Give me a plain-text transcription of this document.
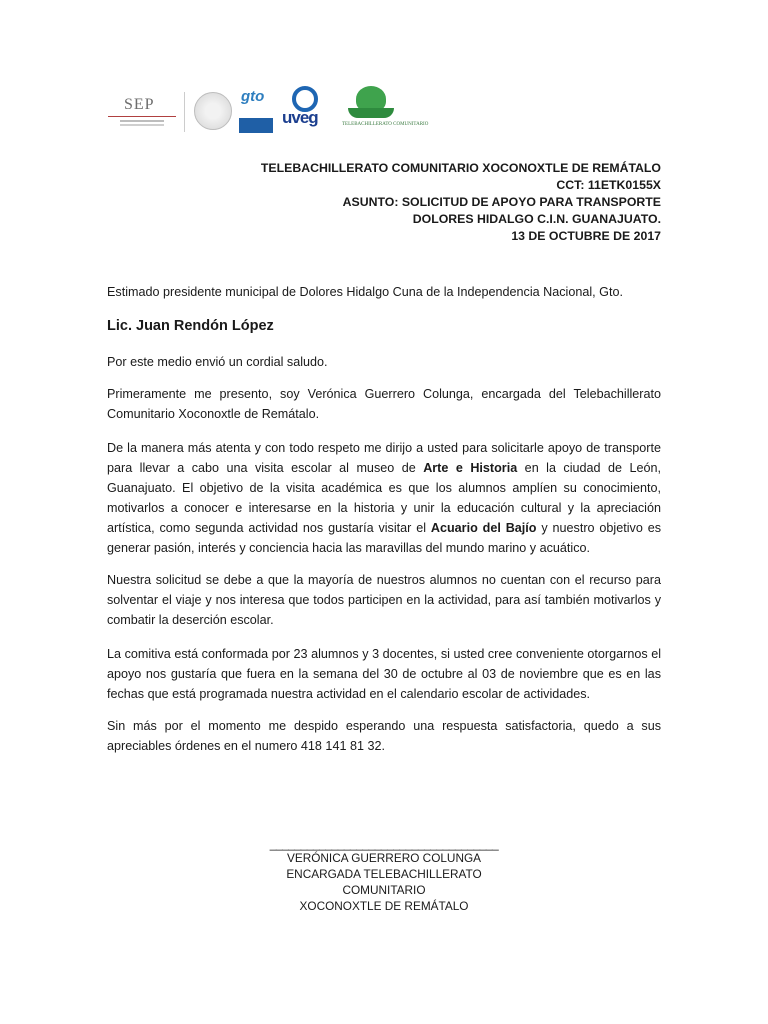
SEP	gto
uveg	TELEBACHILLERATO COMUNITARIO
TELEBACHILLERATO COMUNITARIO XOCONOXTLE DE REMÁTALO
CCT: 11ETK0155X
ASUNTO: SOLICITUD DE APOYO PARA TRANSPORTE
DOLORES HIDALGO C.I.N. GUANAJUATO.
13 DE OCTUBRE DE 2017
Estimado presidente municipal de Dolores Hidalgo Cuna de la Independencia Nacional, Gto.
Lic. Juan Rendón López
Por este medio envió un cordial saludo.
Primeramente me presento, soy Verónica Guerrero Colunga, encargada del Telebachillerato Comunitario Xoconoxtle de Remátalo.
De la manera más atenta y con todo respeto me dirijo a usted para solicitarle apoyo de transporte para llevar a cabo una visita escolar al museo de Arte e Historia en la ciudad de León, Guanajuato. El objetivo de la visita académica es que los alumnos amplíen su conocimiento, motivarlos a conocer e interesarse en la historia y unir la educación cultural y la apreciación artística, como segunda actividad nos gustaría visitar el Acuario del Bajío y nuestro objetivo es generar pasión, interés y conciencia hacia las maravillas del mundo marino y acuático.
Nuestra solicitud se debe a que la mayoría de nuestros alumnos no cuentan con el recurso para solventar el viaje y nos interesa que todos participen en la actividad, para así también motivarlos y combatir la deserción escolar.
La comitiva está conformada por 23 alumnos y 3 docentes, si usted cree conveniente otorgarnos el apoyo nos gustaría que fuera en la semana del 30 de octubre al 03 de noviembre que es en las fechas que está programada nuestra actividad en el calendario escolar de actividades.
Sin más por el momento me despido esperando una respuesta satisfactoria, quedo a sus apreciables órdenes en el numero 418 141 81 32.
_____________________________________
VERÓNICA GUERRERO COLUNGA
ENCARGADA TELEBACHILLERATO COMUNITARIO
XOCONOXTLE DE REMÁTALO
